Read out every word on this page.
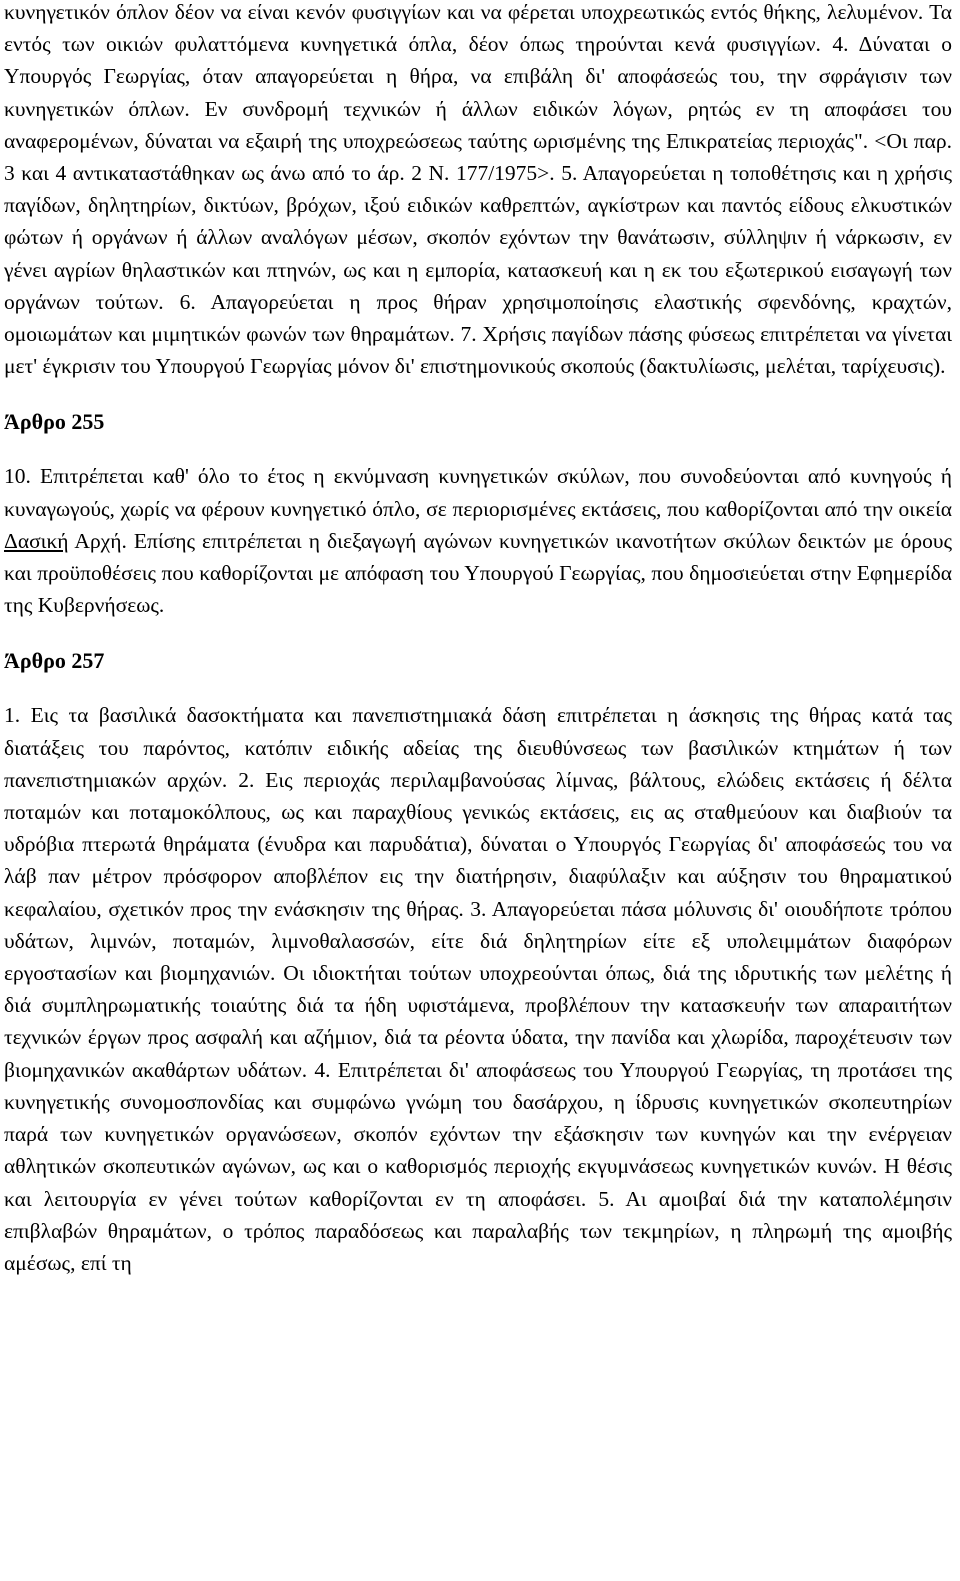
κυνηγετικόν όπλον δέον να είναι κενόν φυσιγγίων και να φέρεται υποχρεωτικώς εντός θήκης, λελυμένον. Τα εντός των οικιών φυλαττόμενα κυνηγετικά όπλα, δέον όπως τηρούνται κενά φυσιγγίων. 4. Δύναται ο Υπουργός Γεωργίας, όταν απαγορεύεται η θήρα, να επιβάλη δι' αποφάσεώς του, την σφράγισιν των κυνηγετικών όπλων. Εν συνδρομή τεχνικών ή άλλων ειδικών λόγων, ρητώς εν τη αποφάσει του αναφερομένων, δύναται να εξαιρή της υποχρεώσεως ταύτης ωρισμένης της Επικρατείας περιοχάς". <Οι παρ. 3 και 4 αντικαταστάθηκαν ως άνω από το άρ. 2 Ν. 177/1975>. 5. Απαγορεύεται η τοποθέτησις και η χρήσις παγίδων, δηλητηρίων, δικτύων, βρόχων, ιξού ειδικών καθρεπτών, αγκίστρων και παντός είδους ελκυστικών φώτων ή οργάνων ή άλλων αναλόγων μέσων, σκοπόν εχόντων την θανάτωσιν, σύλληψιν ή νάρκωσιν, εν γένει αγρίων θηλαστικών και πτηνών, ως και η εμπορία, κατασκευή και η εκ του εξωτερικού εισαγωγή των οργάνων τούτων. 6. Απαγορεύεται η προς θήραν χρησιμοποίησις ελαστικής σφενδόνης, κραχτών, ομοιωμάτων και μιμητικών φωνών των θηραμάτων. 7. Χρήσις παγίδων πάσης φύσεως επιτρέπεται να γίνεται μετ' έγκρισιν του Υπουργού Γεωργίας μόνον δι' επιστημονικούς σκοπούς (δακτυλίωσις, μελέται, ταρίχευσις).

Άρθρο 255

10. Επιτρέπεται καθ' όλο το έτος η εκνύμναση κυνηγετικών σκύλων, που συνοδεύονται από κυνηγούς ή κυναγωγούς, χωρίς να φέρουν κυνηγετικό όπλο, σε περιορισμένες εκτάσεις, που καθορίζονται από την οικεία Δασική Αρχή. Επίσης επιτρέπεται η διεξαγωγή αγώνων κυνηγετικών ικανοτήτων σκύλων δεικτών με όρους και προϋποθέσεις που καθορίζονται με απόφαση του Υπουργού Γεωργίας, που δημοσιεύεται στην Εφημερίδα της Κυβερνήσεως.

Άρθρο 257

1. Εις τα βασιλικά δασοκτήματα και πανεπιστημιακά δάση επιτρέπεται η άσκησις της θήρας κατά τας διατάξεις του παρόντος, κατόπιν ειδικής αδείας της διευθύνσεως των βασιλικών κτημάτων ή των πανεπιστημιακών αρχών. 2. Εις περιοχάς περιλαμβανούσας λίμνας, βάλτους, ελώδεις εκτάσεις ή δέλτα ποταμών και ποταμοκόλπους, ως και παραχθίους γενικώς εκτάσεις, εις ας σταθμεύουν και διαβιούν τα υδρόβια πτερωτά θηράματα (ένυδρα και παρυδάτια), δύναται ο Υπουργός Γεωργίας δι' αποφάσεώς του να λάβ παν μέτρον πρόσφορον αποβλέπον εις την διατήρησιν, διαφύλαξιν και αύξησιν του θηραματικού κεφαλαίου, σχετικόν προς την ενάσκησιν της θήρας. 3. Απαγορεύεται πάσα μόλυνσις δι' οιουδήποτε τρόπου υδάτων, λιμνών, ποταμών, λιμνοθαλασσών, είτε διά δηλητηρίων είτε εξ υπολειμμάτων διαφόρων εργοστασίων και βιομηχανιών. Οι ιδιοκτήται τούτων υποχρεούνται όπως, διά της ιδρυτικής των μελέτης ή διά συμπληρωματικής τοιαύτης διά τα ήδη υφιστάμενα, προβλέπουν την κατασκευήν των απαραιτήτων τεχνικών έργων προς ασφαλή και αζήμιον, διά τα ρέοντα ύδατα, την πανίδα και χλωρίδα, παροχέτευσιν των βιομηχανικών ακαθάρτων υδάτων. 4. Επιτρέπεται δι' αποφάσεως του Υπουργού Γεωργίας, τη προτάσει της κυνηγετικής συνομοσπονδίας και συμφώνω γνώμη του δασάρχου, η ίδρυσις κυνηγετικών σκοπευτηρίων παρά των κυνηγετικών οργανώσεων, σκοπόν εχόντων την εξάσκησιν των κυνηγών και την ενέργειαν αθλητικών σκοπευτικών αγώνων, ως και ο καθορισμός περιοχής εκγυμνάσεως κυνηγετικών κυνών. Η θέσις και λειτουργία εν γένει τούτων καθορίζονται εν τη αποφάσει. 5. Αι αμοιβαί διά την καταπολέμησιν επιβλαβών θηραμάτων, ο τρόπος παραδόσεως και παραλαβής των τεκμηρίων, η πληρωμή της αμοιβής αμέσως, επί τη
